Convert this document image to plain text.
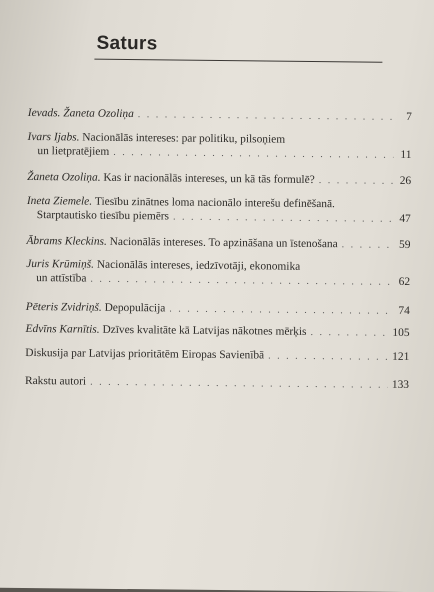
Saturs
Ievads. Žaneta Ozoliņa . . .	7
Ivars Ijabs.
Nacionālās intereses: par politiku, pilsoņiem
un lietpratējiem . . .	11
Žaneta Ozoliņa.
Kas ir nacionālās intereses, un kā tās formulē? . . .	26
Ineta Ziemele.
Tiesību zinātnes loma nacionālo interešu definēšanā.
Starptautisko tiesību piemērs . . .	47
Ābrams Kleckins.
Nacionālās intereses. To apzināšana un īstenošana . . .	59
Juris Krūmiņš.
Nacionālās intereses, iedzīvotāji, ekonomika
un attīstība . . .	62
Pēteris Zvidriņš.
Depopulācija . . .	74
Edvīns Karnītis.
Dzīves kvalitāte kā Latvijas nākotnes mērķis . . .	105
Diskusija par Latvijas prioritātēm Eiropas Savienībā . . .	121
Rakstu autori . . .	133
